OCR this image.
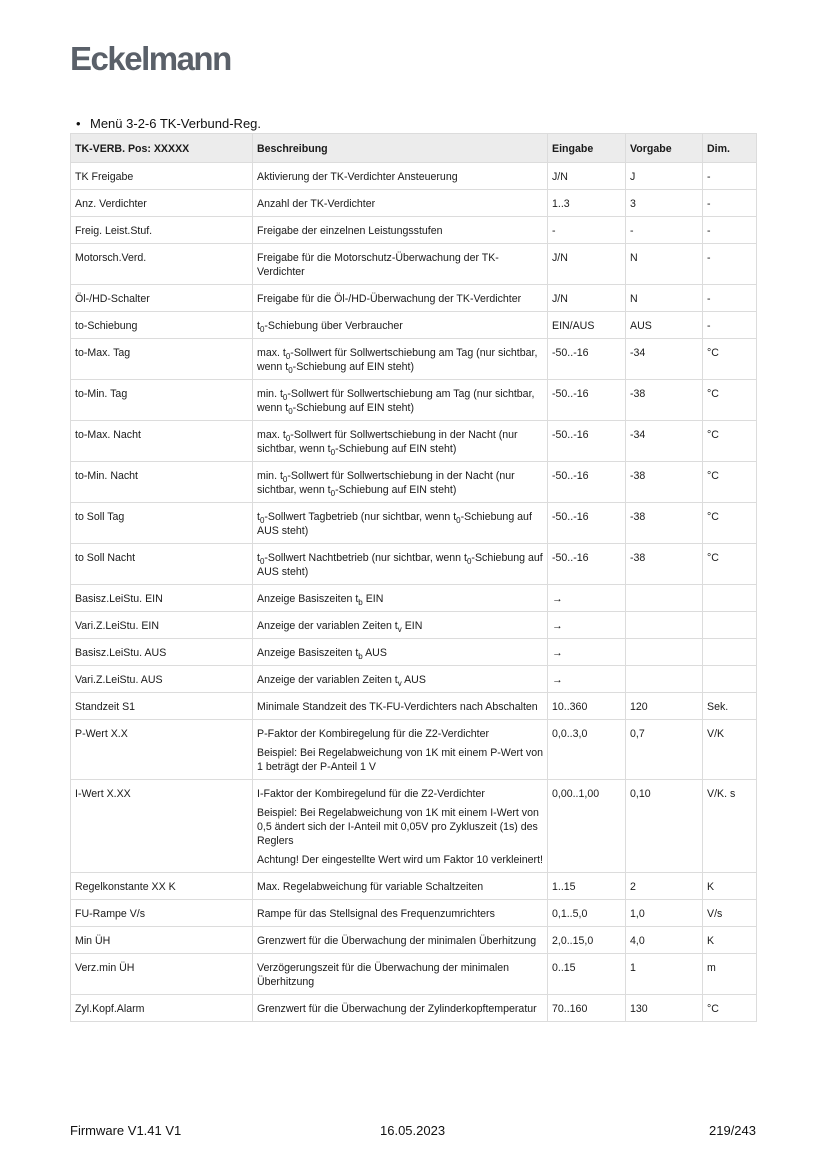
Eckelmann
• Menü 3-2-6 TK-Verbund-Reg.
TK-VERB. Pos: XXXXX	Beschreibung	Eingabe	Vorgabe	Dim.
TK Freigabe	Aktivierung der TK-Verdichter Ansteuerung	J/N	J	-
Anz. Verdichter	Anzahl der TK-Verdichter	1..3	3	-
Freig. Leist.Stuf.	Freigabe der einzelnen Leistungsstufen	-	-	-
Motorsch.Verd.	Freigabe für die Motorschutz-Überwachung der TK-Verdichter	J/N	N	-
Öl-/HD-Schalter	Freigabe für die Öl-/HD-Überwachung der TK-Verdichter	J/N	N	-
to-Schiebung	$t_0$-Schiebung über Verbraucher	EIN/AUS	AUS	-
to-Max. Tag	max. $t_0$-Sollwert für Sollwertschiebung am Tag (nur sichtbar, wenn $t_0$-Schiebung auf EIN steht)	-50..-16	-34	°C
to-Min. Tag	min. $t_0$-Sollwert für Sollwertschiebung am Tag (nur sichtbar, wenn $t_0$-Schiebung auf EIN steht)	-50..-16	-38	°C
to-Max. Nacht	max. $t_0$-Sollwert für Sollwertschiebung in der Nacht (nur sichtbar, wenn $t_0$-Schiebung auf EIN steht)	-50..-16	-34	°C
to-Min. Nacht	min. $t_0$-Sollwert für Sollwertschiebung in der Nacht (nur sichtbar, wenn $t_0$-Schiebung auf EIN steht)	-50..-16	-38	°C
to Soll Tag	$t_0$-Sollwert Tagbetrieb (nur sichtbar, wenn $t_0$-Schiebung auf AUS steht)	-50..-16	-38	°C
to Soll Nacht	$t_0$-Sollwert Nachtbetrieb (nur sichtbar, wenn $t_0$-Schiebung auf AUS steht)	-50..-16	-38	°C
Basisz.LeiStu. EIN	Anzeige Basiszeiten $t_b$ EIN	→		
Vari.Z.LeiStu. EIN	Anzeige der variablen Zeiten $t_v$ EIN	→		
Basisz.LeiStu. AUS	Anzeige Basiszeiten $t_b$ AUS	→		
Vari.Z.LeiStu. AUS	Anzeige der variablen Zeiten $t_v$ AUS	→		
Standzeit S1	Minimale Standzeit des TK-FU-Verdichters nach Abschalten	10..360	120	Sek.
P-Wert X.X	P-Faktor der Kombiregelung für die Z2-Verdichter

Beispiel: Bei Regelabweichung von 1K mit einem P-Wert von 1 beträgt der P-Anteil 1 V	0,0..3,0	0,7	V/K
I-Wert X.XX	I-Faktor der Kombiregelund für die Z2-Verdichter

Beispiel: Bei Regelabweichung von 1K mit einem I-Wert von 0,5 ändert sich der I-Anteil mit 0,05V pro Zykluszeit (1s) des Reglers

Achtung! Der eingestellte Wert wird um Faktor 10 verkleinert!	0,00..1,00	0,10	V/K. s
Regelkonstante XX K	Max. Regelabweichung für variable Schaltzeiten	1..15	2	K
FU-Rampe V/s	Rampe für das Stellsignal des Frequenzumrichters	0,1..5,0	1,0	V/s
Min ÜH	Grenzwert für die Überwachung der minimalen Überhitzung	2,0..15,0	4,0	K
Verz.min ÜH	Verzögerungszeit für die Überwachung der minimalen Überhitzung	0..15	1	m
Zyl.Kopf.Alarm	Grenzwert für die Überwachung der Zylinderkopftemperatur	70..160	130	°C
Firmware V1.41 V1	16.05.2023	219/243
